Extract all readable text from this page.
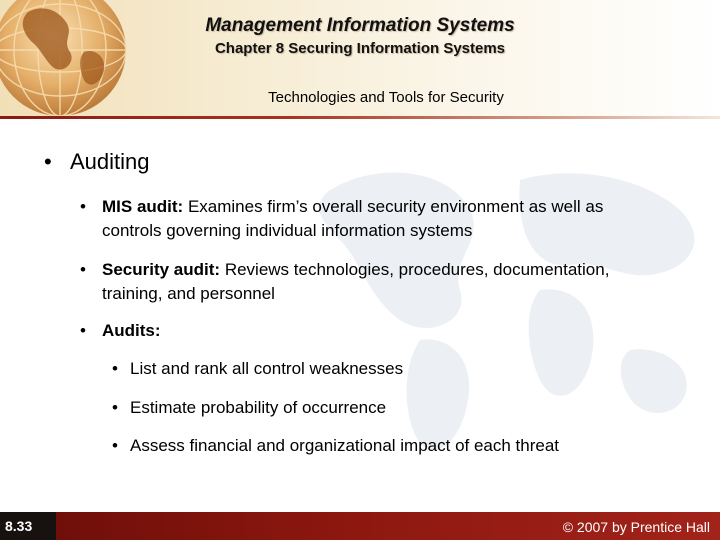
Management Information Systems
Chapter 8 Securing Information Systems
Technologies and Tools for Security
• Auditing
• MIS audit: Examines firm’s overall security environment as well as controls governing individual information systems
• Security audit: Reviews technologies, procedures, documentation, training, and personnel
• Audits:
• List and rank all control weaknesses
• Estimate probability of occurrence
• Assess financial and organizational impact of each threat
8.33	© 2007 by Prentice Hall
